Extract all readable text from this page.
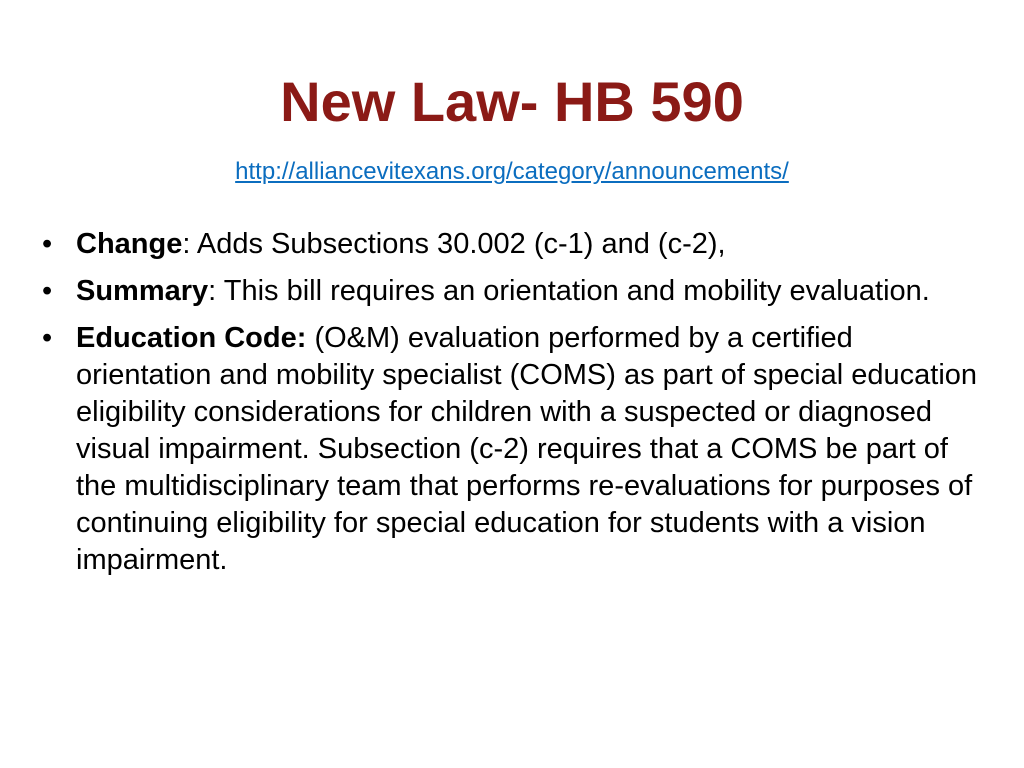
New Law- HB 590
http://alliancevitexans.org/category/announcements/
• Change: Adds Subsections 30.002 (c-1) and (c-2),
• Summary: This bill requires an orientation and mobility evaluation.
• Education Code: (O&M) evaluation performed by a certified orientation and mobility specialist (COMS) as part of special education eligibility considerations for children with a suspected or diagnosed visual impairment. Subsection (c-2) requires that a COMS be part of the multidisciplinary team that performs re-evaluations for purposes of continuing eligibility for special education for students with a vision impairment.
